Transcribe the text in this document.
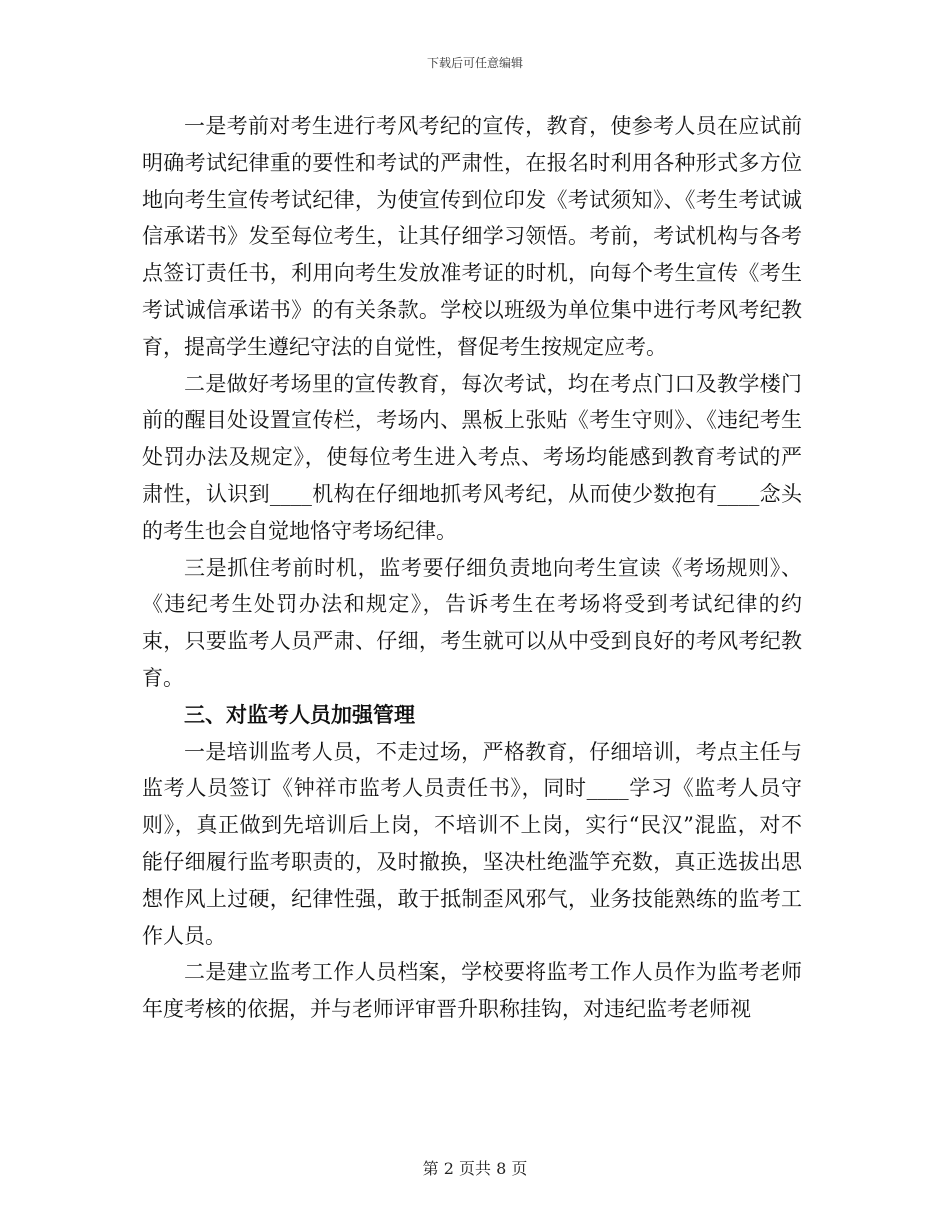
下载后可任意编辑

一是考前对考生进行考风考纪的宣传，教育，使参考人员在应试前明确考试纪律重的要性和考试的严肃性，在报名时利用各种形式多方位地向考生宣传考试纪律，为使宣传到位印发《考试须知》、《考生考试诚信承诺书》发至每位考生，让其仔细学习领悟。考前，考试机构与各考点签订责任书，利用向考生发放准考证的时机，向每个考生宣传《考生考试诚信承诺书》的有关条款。学校以班级为单位集中进行考风考纪教育，提高学生遵纪守法的自觉性，督促考生按规定应考。

二是做好考场里的宣传教育，每次考试，均在考点门口及教学楼门前的醒目处设置宣传栏，考场内、黑板上张贴《考生守则》、《违纪考生处罚办法及规定》，使每位考生进入考点、考场均能感到教育考试的严肃性，认识到____机构在仔细地抓考风考纪，从而使少数抱有____念头的考生也会自觉地恪守考场纪律。

三是抓住考前时机，监考要仔细负责地向考生宣读《考场规则》、《违纪考生处罚办法和规定》，告诉考生在考场将受到考试纪律的约束，只要监考人员严肃、仔细，考生就可以从中受到良好的考风考纪教育。

三、对监考人员加强管理

一是培训监考人员，不走过场，严格教育，仔细培训，考点主任与监考人员签订《钟祥市监考人员责任书》，同时____学习《监考人员守则》，真正做到先培训后上岗，不培训不上岗，实行“民汉”混监，对不能仔细履行监考职责的，及时撤换，坚决杜绝滥竽充数，真正选拔出思想作风上过硬，纪律性强，敢于抵制歪风邪气，业务技能熟练的监考工作人员。

二是建立监考工作人员档案，学校要将监考工作人员作为监考老师年度考核的依据，并与老师评审晋升职称挂钩，对违纪监考老师视

第 2 页共 8 页
